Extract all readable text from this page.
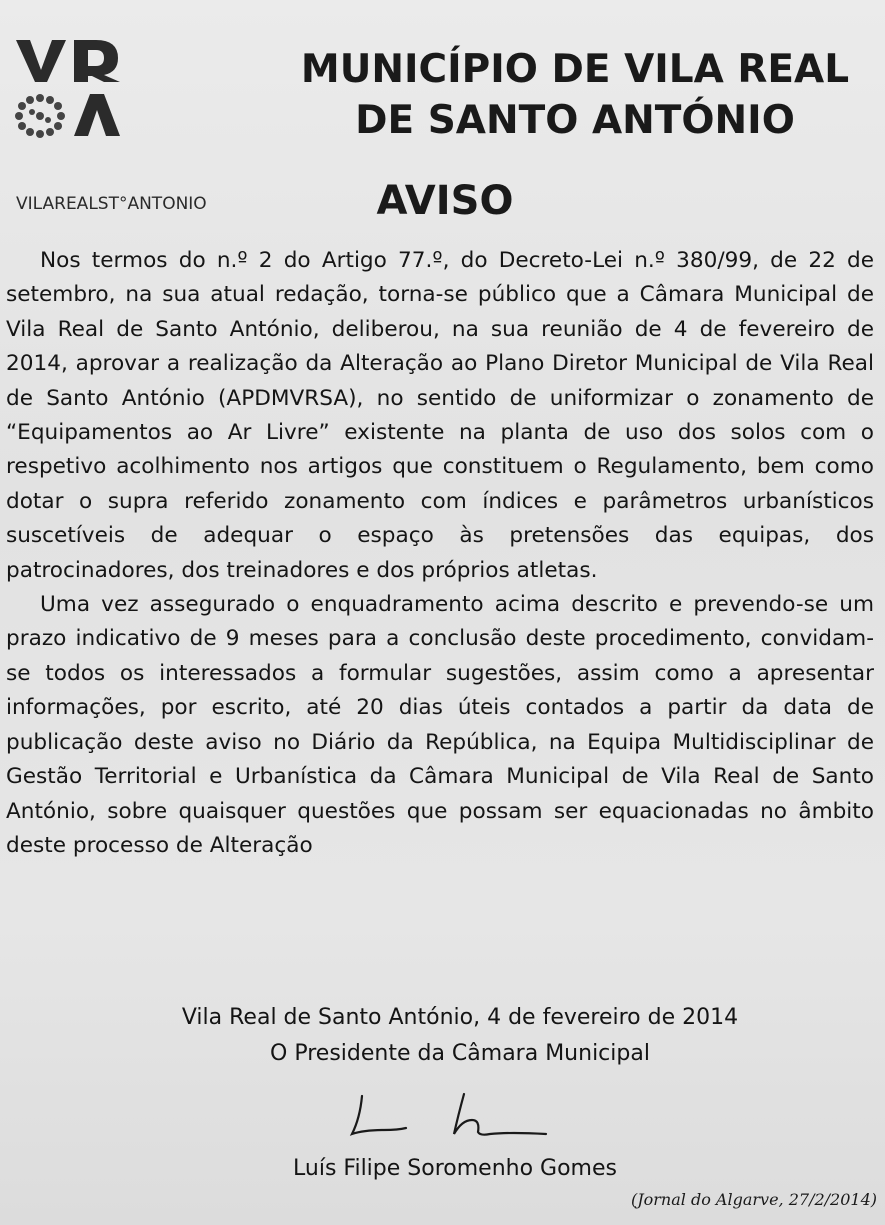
VILAREALST°ANTONIO

MUNICÍPIO DE VILA REAL
DE SANTO ANTÓNIO
AVISO

Nos termos do n.º 2 do Artigo 77.º, do Decreto-Lei n.º 380/99, de 22 de setembro, na sua atual redação, torna-se público que a Câmara Municipal de Vila Real de Santo António, deliberou, na sua reunião de 4 de fevereiro de 2014, aprovar a realização da Alteração ao Plano Diretor Municipal de Vila Real de Santo António (APDMVRSA), no sentido de uniformizar o zonamento de “Equipamentos ao Ar Livre” existente na planta de uso dos solos com o respetivo acolhimento nos artigos que constituem o Regulamento, bem como dotar o supra referido zonamento com índices e parâmetros urbanísticos suscetíveis de adequar o espaço às pretensões das equipas, dos patrocinadores, dos treinadores e dos próprios atletas.

Uma vez assegurado o enquadramento acima descrito e prevendo-se um prazo indicativo de 9 meses para a conclusão deste procedimento, convidam-se todos os interessados a formular sugestões, assim como a apresentar informações, por escrito, até 20 dias úteis contados a partir da data de publicação deste aviso no Diário da República, na Equipa Multidisciplinar de Gestão Territorial e Urbanística da Câmara Municipal de Vila Real de Santo António, sobre quaisquer questões que possam ser equacionadas no âmbito deste processo de Alteração

Vila Real de Santo António, 4 de fevereiro de 2014
O Presidente da Câmara Municipal
Luís Filipe Soromenho Gomes

(Jornal do Algarve, 27/2/2014)
